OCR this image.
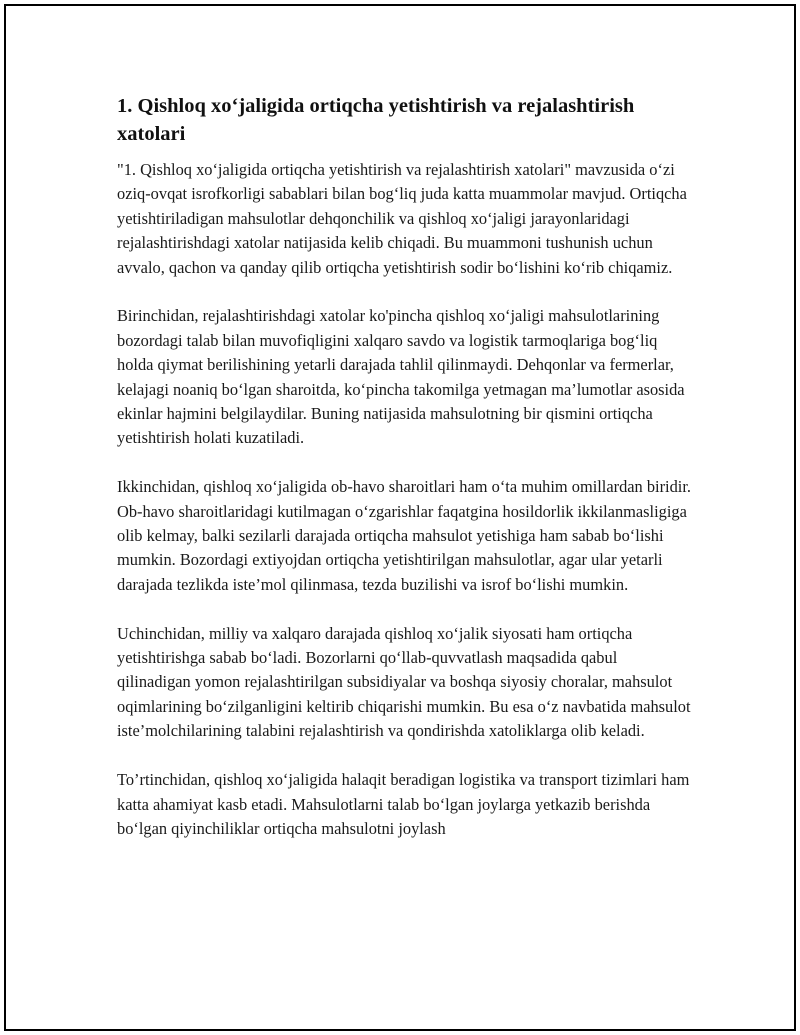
1. Qishloq xo‘jaligida ortiqcha yetishtirish va rejalashtirish xatolari

"1. Qishloq xo‘jaligida ortiqcha yetishtirish va rejalashtirish xatolari" mavzusida o‘zi oziq-ovqat isrofkorligi sabablari bilan bog‘liq juda katta muammolar mavjud. Ortiqcha yetishtiriladigan mahsulotlar dehqonchilik va qishloq xo‘jaligi jarayonlaridagi rejalashtirishdagi xatolar natijasida kelib chiqadi. Bu muammoni tushunish uchun avvalo, qachon va qanday qilib ortiqcha yetishtirish sodir bo‘lishini ko‘rib chiqamiz.

Birinchidan, rejalashtirishdagi xatolar ko'pincha qishloq xo‘jaligi mahsulotlarining bozordagi talab bilan muvofiqligini xalqaro savdo va logistik tarmoqlariga bog‘liq holda qiymat berilishining yetarli darajada tahlil qilinmaydi. Dehqonlar va fermerlar, kelajagi noaniq bo‘lgan sharoitda, ko‘pincha takomilga yetmagan ma’lumotlar asosida ekinlar hajmini belgilaydilar. Buning natijasida mahsulotning bir qismini ortiqcha yetishtirish holati kuzatiladi.

Ikkinchidan, qishloq xo‘jaligida ob-havo sharoitlari ham o‘ta muhim omillardan biridir. Ob-havo sharoitlaridagi kutilmagan o‘zgarishlar faqatgina hosildorlik ikkilanmasligiga olib kelmay, balki sezilarli darajada ortiqcha mahsulot yetishiga ham sabab bo‘lishi mumkin. Bozordagi extiyojdan ortiqcha yetishtirilgan mahsulotlar, agar ular yetarli darajada tezlikda iste’mol qilinmasa, tezda buzilishi va isrof bo‘lishi mumkin.

Uchinchidan, milliy va xalqaro darajada qishloq xo‘jalik siyosati ham ortiqcha yetishtirishga sabab bo‘ladi. Bozorlarni qo‘llab-quvvatlash maqsadida qabul qilinadigan yomon rejalashtirilgan subsidiyalar va boshqa siyosiy choralar, mahsulot oqimlarining bo‘zilganligini keltirib chiqarishi mumkin. Bu esa o‘z navbatida mahsulot iste’molchilarining talabini rejalashtirish va qondirishda xatoliklarga olib keladi.

To’rtinchidan, qishloq xo‘jaligida halaqit beradigan logistika va transport tizimlari ham katta ahamiyat kasb etadi. Mahsulotlarni talab bo‘lgan joylarga yetkazib berishda bo‘lgan qiyinchiliklar ortiqcha mahsulotni joylash
